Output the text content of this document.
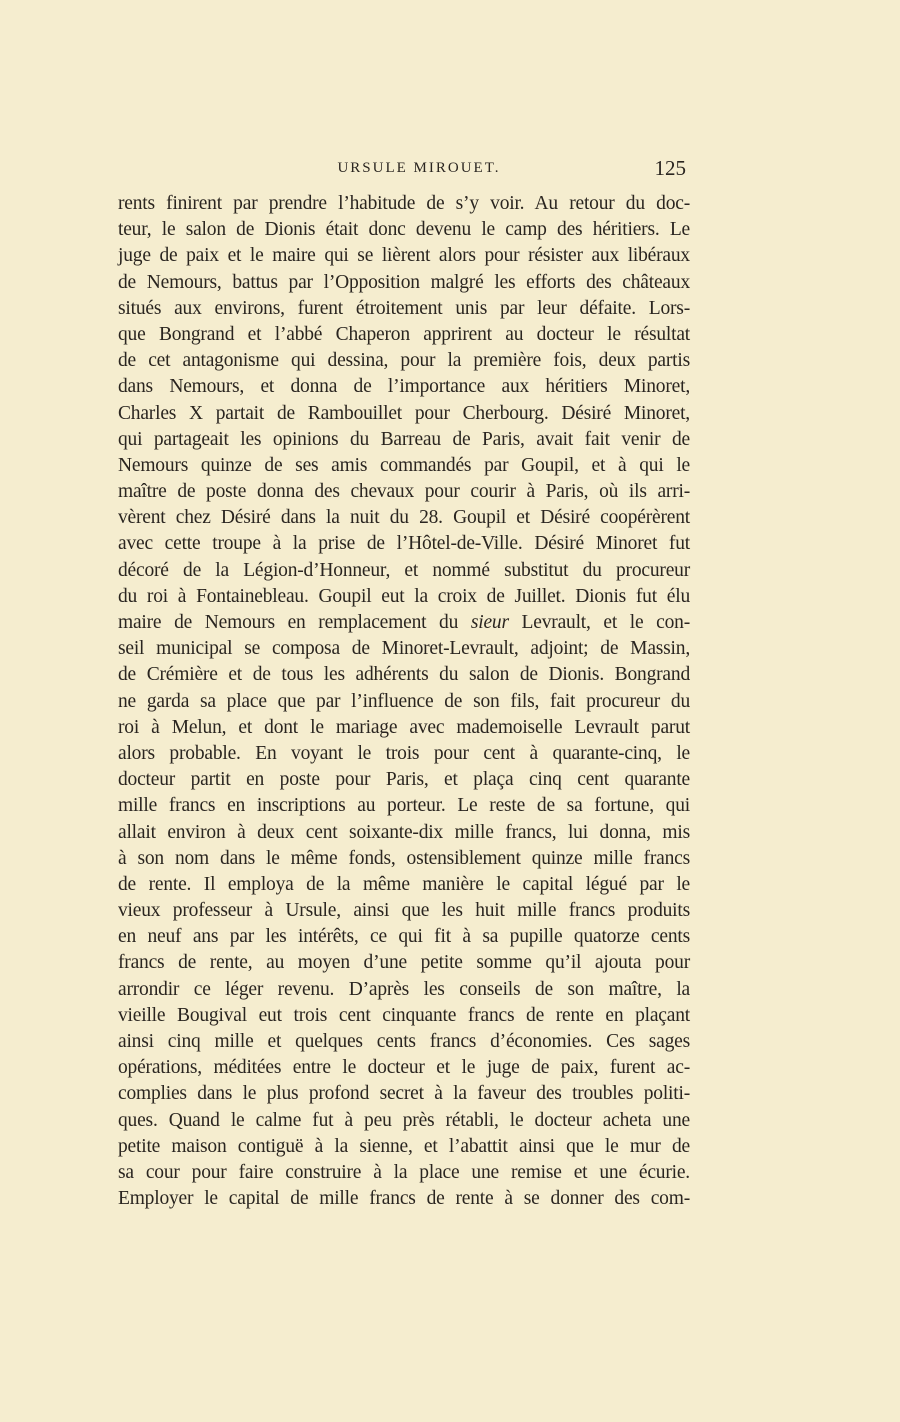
URSULE MIROUET.	125
rents finirent par prendre l’habitude de s’y voir. Au retour du doc-
teur, le salon de Dionis était donc devenu le camp des héritiers. Le
juge de paix et le maire qui se lièrent alors pour résister aux libéraux
de Nemours, battus par l’Opposition malgré les efforts des châteaux
situés aux environs, furent étroitement unis par leur défaite. Lors-
que Bongrand et l’abbé Chaperon apprirent au docteur le résultat
de cet antagonisme qui dessina, pour la première fois, deux partis
dans Nemours, et donna de l’importance aux héritiers Minoret,
Charles X partait de Rambouillet pour Cherbourg. Désiré Minoret,
qui partageait les opinions du Barreau de Paris, avait fait venir de
Nemours quinze de ses amis commandés par Goupil, et à qui le
maître de poste donna des chevaux pour courir à Paris, où ils arri-
vèrent chez Désiré dans la nuit du 28. Goupil et Désiré coopérèrent
avec cette troupe à la prise de l’Hôtel-de-Ville. Désiré Minoret fut
décoré de la Légion-d’Honneur, et nommé substitut du procureur
du roi à Fontainebleau. Goupil eut la croix de Juillet. Dionis fut élu
maire de Nemours en remplacement du sieur Levrault, et le con-
seil municipal se composa de Minoret-Levrault, adjoint; de Massin,
de Crémière et de tous les adhérents du salon de Dionis. Bongrand
ne garda sa place que par l’influence de son fils, fait procureur du
roi à Melun, et dont le mariage avec mademoiselle Levrault parut
alors probable. En voyant le trois pour cent à quarante-cinq, le
docteur partit en poste pour Paris, et plaça cinq cent quarante
mille francs en inscriptions au porteur. Le reste de sa fortune, qui
allait environ à deux cent soixante-dix mille francs, lui donna, mis
à son nom dans le même fonds, ostensiblement quinze mille francs
de rente. Il employa de la même manière le capital légué par le
vieux professeur à Ursule, ainsi que les huit mille francs produits
en neuf ans par les intérêts, ce qui fit à sa pupille quatorze cents
francs de rente, au moyen d’une petite somme qu’il ajouta pour
arrondir ce léger revenu. D’après les conseils de son maître, la
vieille Bougival eut trois cent cinquante francs de rente en plaçant
ainsi cinq mille et quelques cents francs d’économies. Ces sages
opérations, méditées entre le docteur et le juge de paix, furent ac-
complies dans le plus profond secret à la faveur des troubles politi-
ques. Quand le calme fut à peu près rétabli, le docteur acheta une
petite maison contiguë à la sienne, et l’abattit ainsi que le mur de
sa cour pour faire construire à la place une remise et une écurie.
Employer le capital de mille francs de rente à se donner des com-
